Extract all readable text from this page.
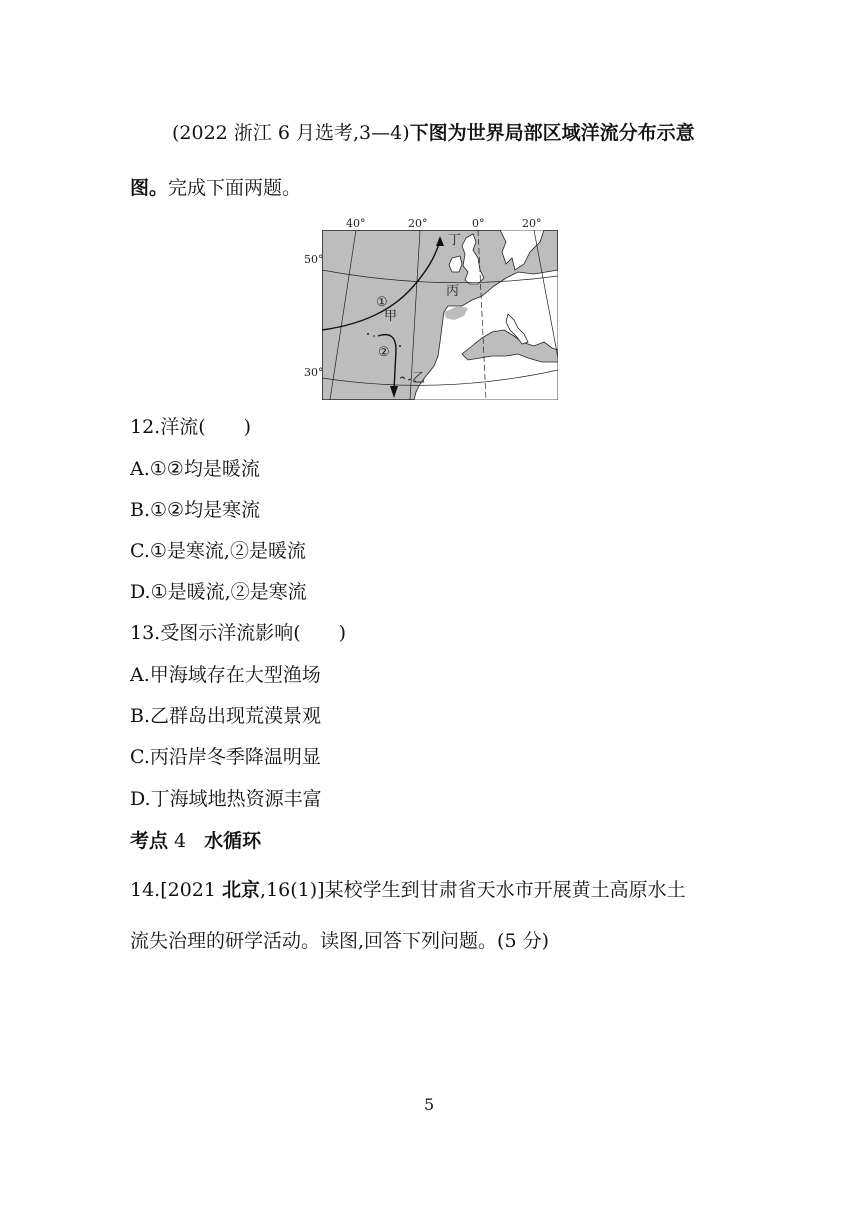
(2022 浙江 6 月选考,3—4)下图为世界局部区域洋流分布示意
图。完成下面两题。
40°	20°	0°	20°
50°
30°
①
②
甲
乙
丙
丁
12.洋流(　　)
A.①②均是暖流
B.①②均是寒流
C.①是寒流,②是暖流
D.①是暖流,②是寒流
13.受图示洋流影响(　　)
A.甲海域存在大型渔场
B.乙群岛出现荒漠景观
C.丙沿岸冬季降温明显
D.丁海域地热资源丰富
考点 4 水循环
14.[2021 北京,16(1)]某校学生到甘肃省天水市开展黄土高原水土
流失治理的研学活动。读图,回答下列问题。(5 分)
5
